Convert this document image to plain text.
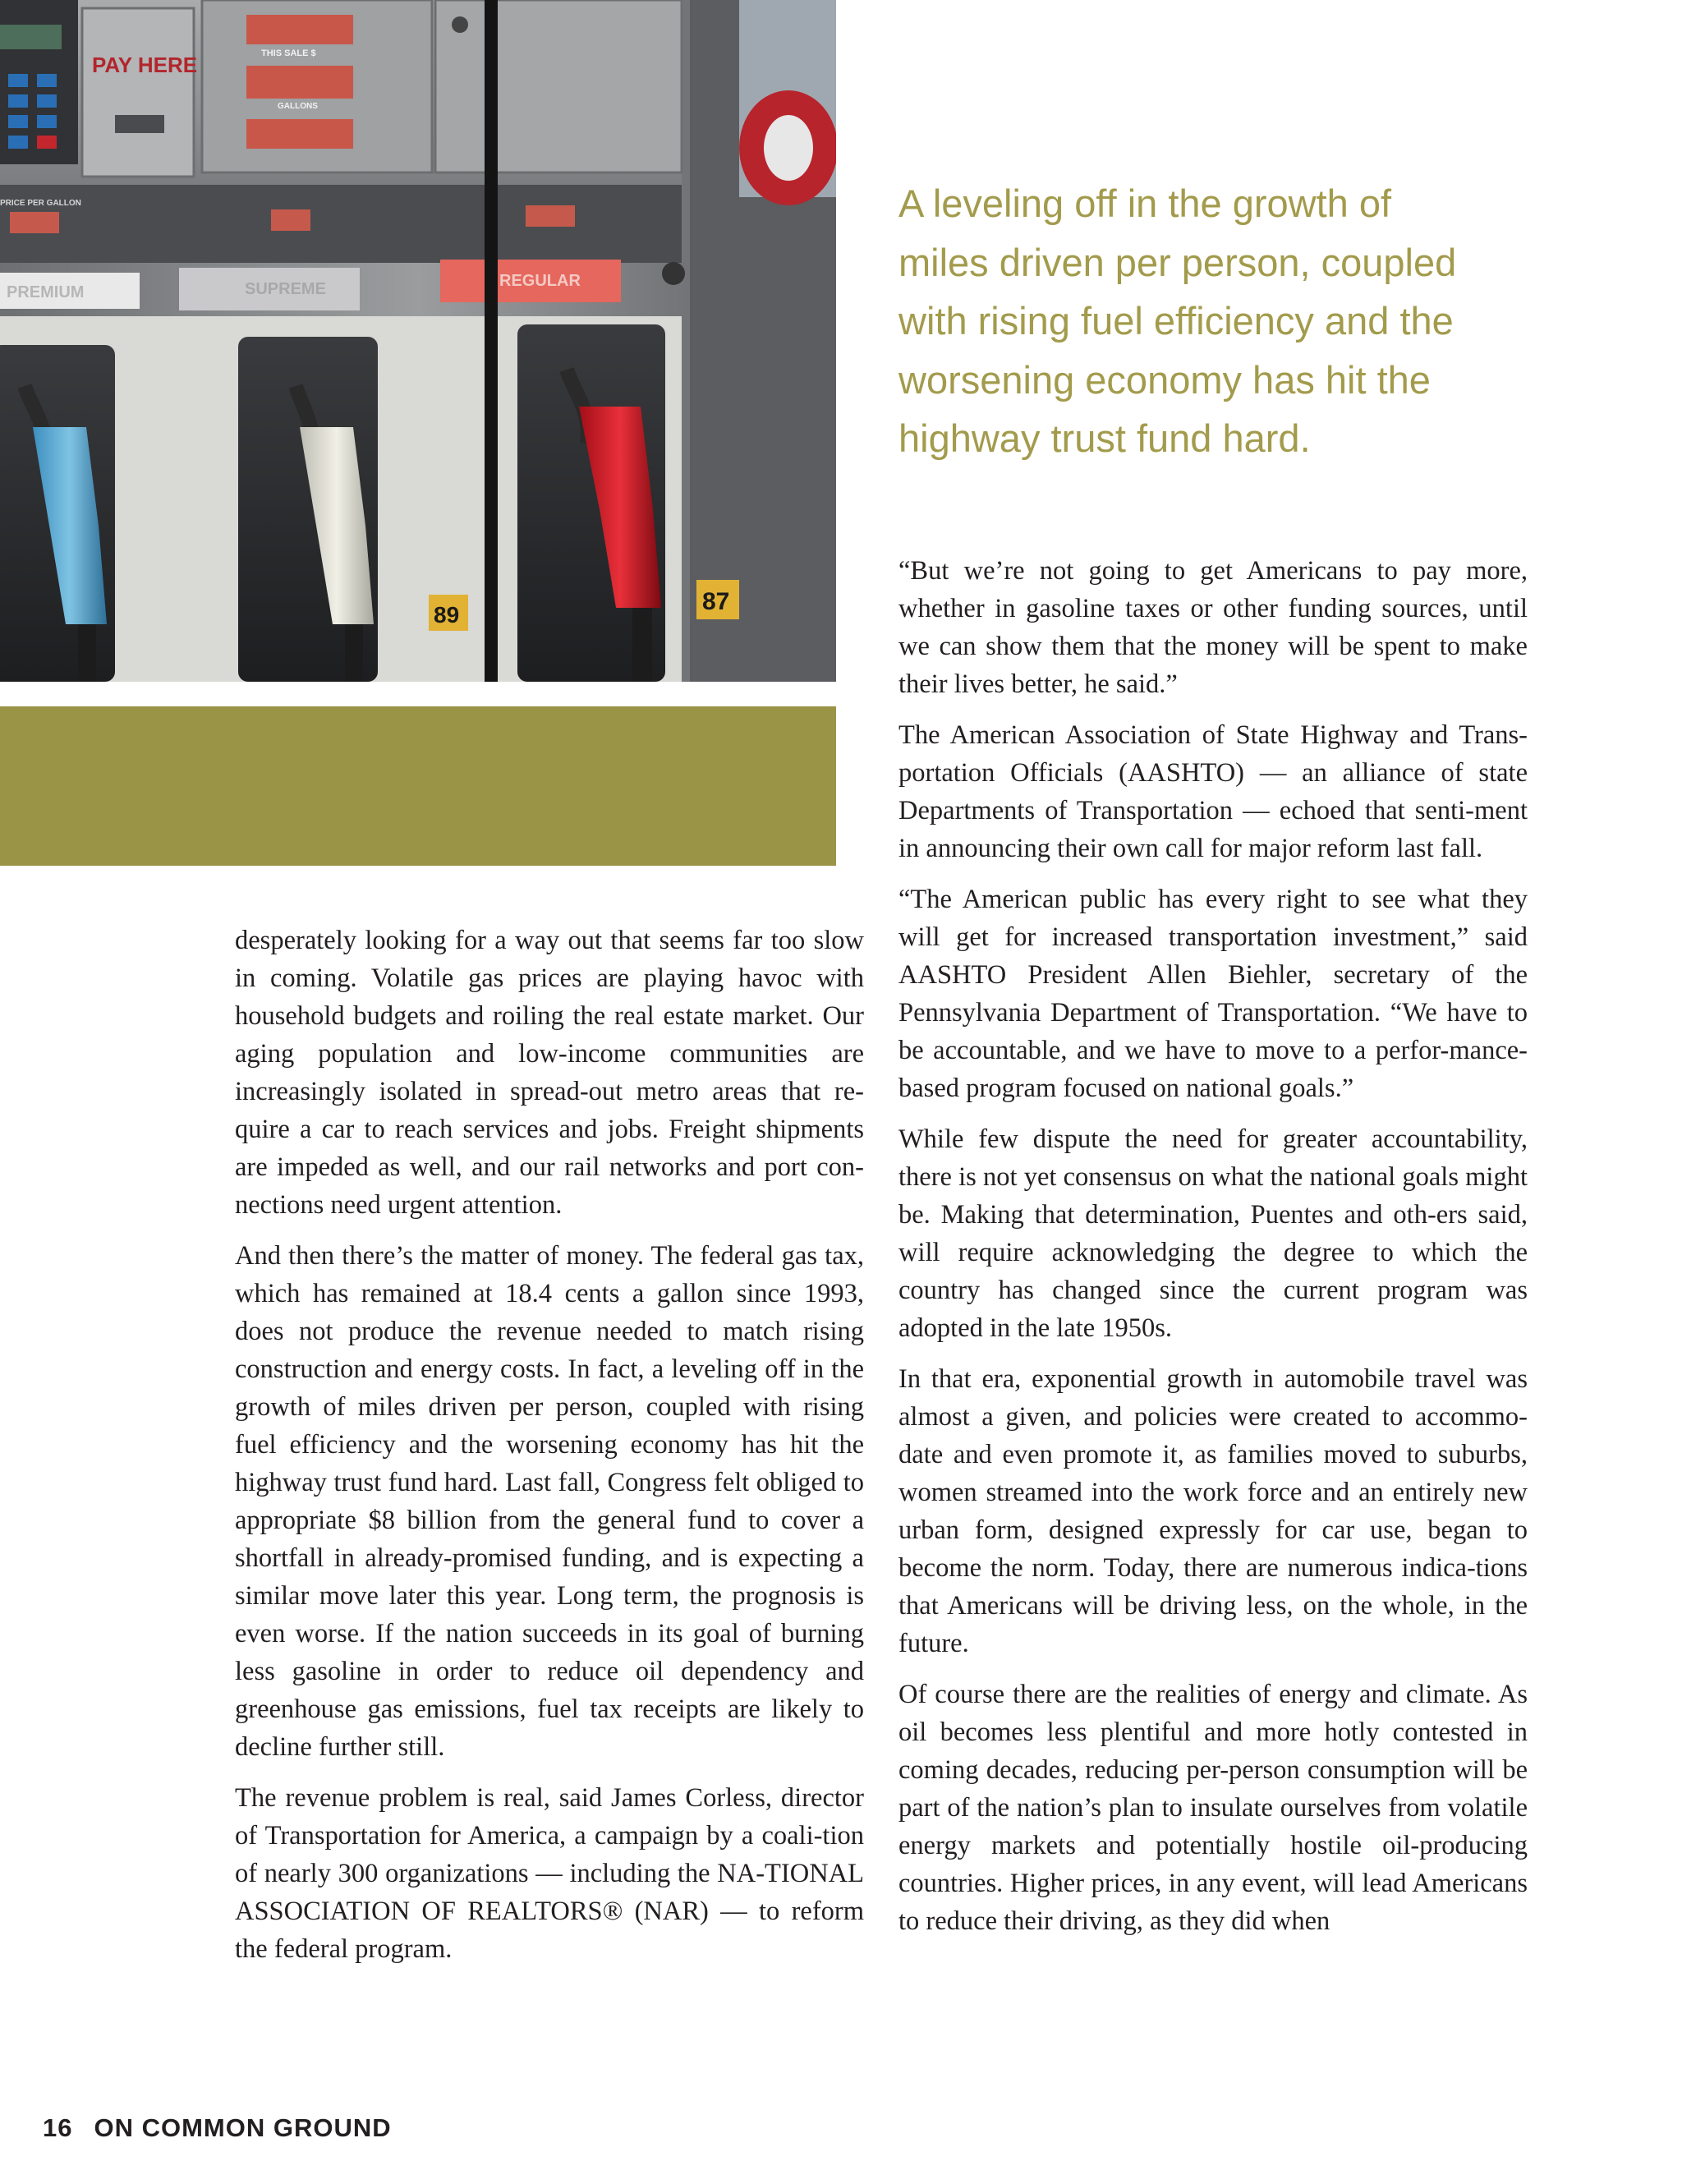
PAY HERE	THIS SALE $
GALLONS
PRICE PER GALLON
PREMIUM	SUPREME	REGULAR
89	87
A leveling off in the growth of
miles driven per person, coupled
with rising fuel efficiency and the
worsening economy has hit the
highway trust fund hard.

desperately looking for a way out that seems far too slow in coming. Volatile gas prices are playing havoc with household budgets and roiling the real estate market. Our aging population and low-income communities are increasingly isolated in spread-out metro areas that re-quire a car to reach services and jobs. Freight shipments are impeded as well, and our rail networks and port con-nections need urgent attention.

And then there’s the matter of money. The federal gas tax, which has remained at 18.4 cents a gallon since 1993, does not produce the revenue needed to match rising construction and energy costs. In fact, a leveling off in the growth of miles driven per person, coupled with rising fuel efficiency and the worsening economy has hit the highway trust fund hard. Last fall, Congress felt obliged to appropriate $8 billion from the general fund to cover a shortfall in already-promised funding, and is expecting a similar move later this year. Long term, the prognosis is even worse. If the nation succeeds in its goal of burning less gasoline in order to reduce oil dependency and greenhouse gas emissions, fuel tax receipts are likely to decline further still.

The revenue problem is real, said James Corless, director of Transportation for America, a campaign by a coali-tion of nearly 300 organizations — including the NA-TIONAL ASSOCIATION OF REALTORS® (NAR) — to reform the federal program.

“But we’re not going to get Americans to pay more, whether in gasoline taxes or other funding sources, until we can show them that the money will be spent to make their lives better, he said.”

The American Association of State Highway and Trans-portation Officials (AASHTO) — an alliance of state Departments of Transportation — echoed that senti-ment in announcing their own call for major reform last fall.

“The American public has every right to see what they will get for increased transportation investment,” said AASHTO President Allen Biehler, secretary of the Pennsylvania Department of Transportation. “We have to be accountable, and we have to move to a perfor-mance-based program focused on national goals.”

While few dispute the need for greater accountability, there is not yet consensus on what the national goals might be. Making that determination, Puentes and oth-ers said, will require acknowledging the degree to which the country has changed since the current program was adopted in the late 1950s.

In that era, exponential growth in automobile travel was almost a given, and policies were created to accommo-date and even promote it, as families moved to suburbs, women streamed into the work force and an entirely new urban form, designed expressly for car use, began to become the norm. Today, there are numerous indica-tions that Americans will be driving less, on the whole, in the future.

Of course there are the realities of energy and climate. As oil becomes less plentiful and more hotly contested in coming decades, reducing per-person consumption will be part of the nation’s plan to insulate ourselves from volatile energy markets and potentially hostile oil-producing countries. Higher prices, in any event, will lead Americans to reduce their driving, as they did when

16 ON COMMON GROUND
